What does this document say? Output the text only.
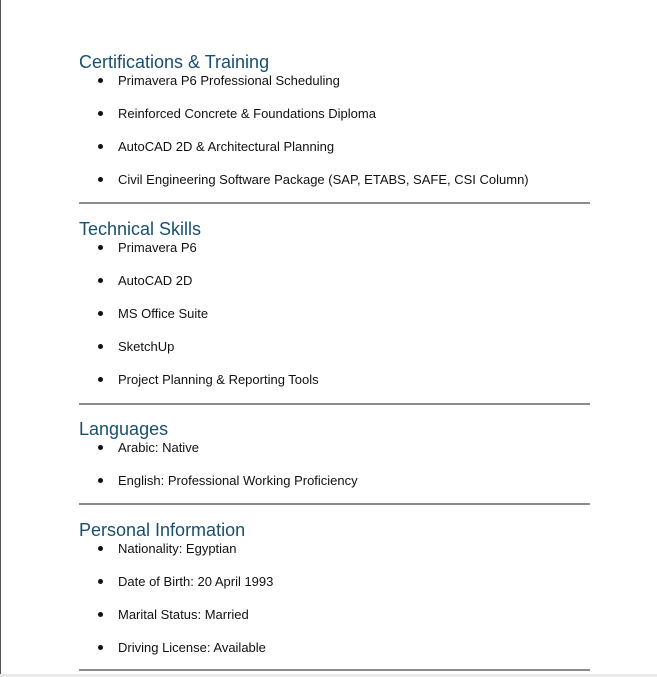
Certifications & Training
Primavera P6 Professional Scheduling
Reinforced Concrete & Foundations Diploma
AutoCAD 2D & Architectural Planning
Civil Engineering Software Package (SAP, ETABS, SAFE, CSI Column)
Technical Skills
Primavera P6
AutoCAD 2D
MS Office Suite
SketchUp
Project Planning & Reporting Tools
Languages
Arabic: Native
English: Professional Working Proficiency
Personal Information
Nationality: Egyptian
Date of Birth: 20 April 1993
Marital Status: Married
Driving License: Available
